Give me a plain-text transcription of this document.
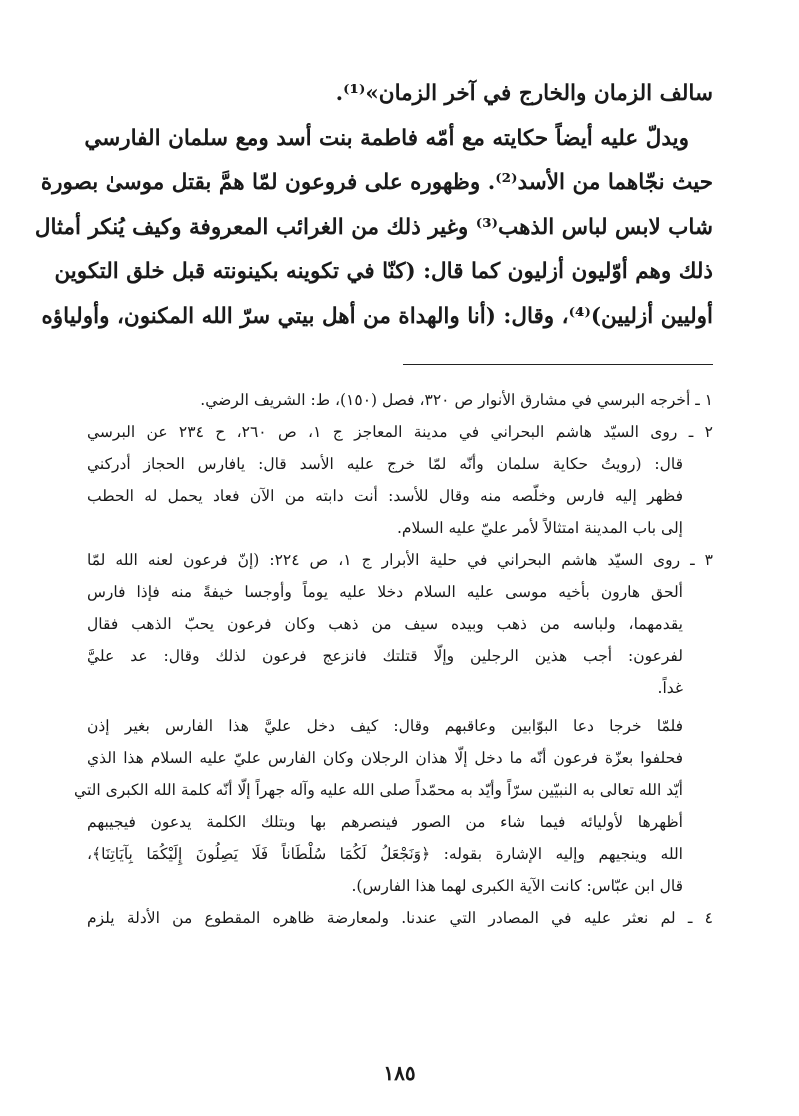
سالف الزمان والخارج في آخر الزمان»⁽¹⁾.
ويدلّ عليه أيضاً حكايته مع أمّه فاطمة بنت أسد ومع سلمان الفارسي
حيث نجّاهما من الأسد⁽²⁾. وظهوره على فروعون لمّا همَّ بقتل موسىٰ بصورة
شاب لابس لباس الذهب⁽³⁾ وغير ذلك من الغرائب المعروفة وكيف يُنكر أمثال
ذلك وهم أوّليون أزليون كما قال: (كنّا في تكوينه بكينونته قبل خلق التكوين
أوليين أزليين)⁽⁴⁾، وقال: (أنا والهداة من أهل بيتي سرّ الله المكنون، وأولياؤه
١ ـ أخرجه البرسي في مشارق الأنوار ص ٣٢٠، فصل (١٥٠)، ط: الشريف الرضي.
٢ ـ روى السيّد هاشم البحراني في مدينة المعاجز ج ١، ص ٢٦٠، ح ٢٣٤ عن البرسي
قال: (رويتُ حكاية سلمان وأنّه لمّا خرج عليه الأسد قال: يافارس الحجاز أدركني
فظهر إليه فارس وخلّصه منه وقال للأسد: أنت دابته من الآن فعاد يحمل له الحطب
إلى باب المدينة امتثالاً لأمر عليّ عليه السلام.
٣ ـ روى السيّد هاشم البحراني في حلية الأبرار ج ١، ص ٢٢٤: (إنّ فرعون لعنه الله لمّا
ألحق هارون بأخيه موسى عليه السلام دخلا عليه يوماً وأوجسا خيفةً منه فإذا فارس
يقدمهما، ولباسه من ذهب وبيده سيف من ذهب وكان فرعون يحبّ الذهب فقال
لفرعون: أجب هذين الرجلين وإلّا قتلتك فانزعج فرعون لذلك وقال: عد عليَّ
غداً.
فلمّا خرجا دعا البوّابين وعاقبهم وقال: كيف دخل عليَّ هذا الفارس بغير إذن
فحلفوا بعزّة فرعون أنّه ما دخل إلّا هذان الرجلان وكان الفارس عليّ عليه السلام هذا الذي
أيّد الله تعالى به النبيّين سرّاً وأيّد به محمّداً صلى الله عليه وآله جهراً إلّا أنّه كلمة الله الكبرى التي
أظهرها لأوليائه فيما شاء من الصور فينصرهم بها وبتلك الكلمة يدعون فيجيبهم
الله وينجيهم وإليه الإشارة بقوله: ﴿وَنَجْعَلُ لَكُمَا سُلْطَاناً فَلَا يَصِلُونَ إِلَيْكُمَا بِآيَاتِنَا﴾،
قال ابن عبّاس: كانت الآية الكبرى لهما هذا الفارس).
٤ ـ لم نعثر عليه في المصادر التي عندنا. ولمعارضة ظاهره المقطوع من الأدلة يلزم
١٨٥
